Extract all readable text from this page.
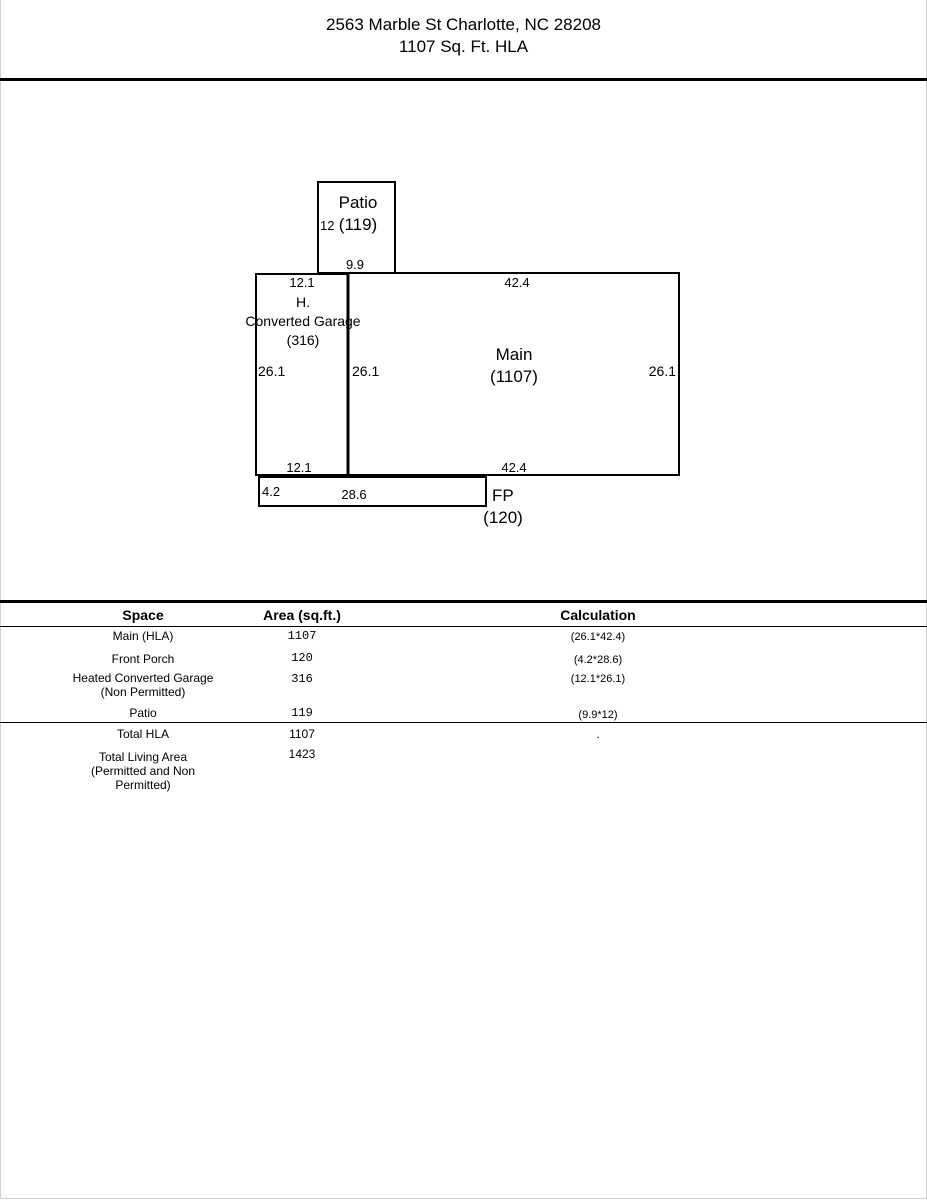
2563 Marble St Charlotte, NC 28208
1107 Sq. Ft. HLA
Patio
(119)
12
9.9
12.1
H.
Converted Garage
(316)
26.1	26.1
12.1
42.4
Main
(1107)	26.1
42.4
4.2	28.6	FP
(120)
Space	Area (sq.ft.)	Calculation
Main (HLA)	1107	(26.1*42.4)
Front Porch	120	(4.2*28.6)
Heated Converted Garage
(Non Permitted)
316	(12.1*26.1)
Patio	119	(9.9*12)
Total HLA	1107	.
Total Living Area
(Permitted and Non
Permitted)
1423
